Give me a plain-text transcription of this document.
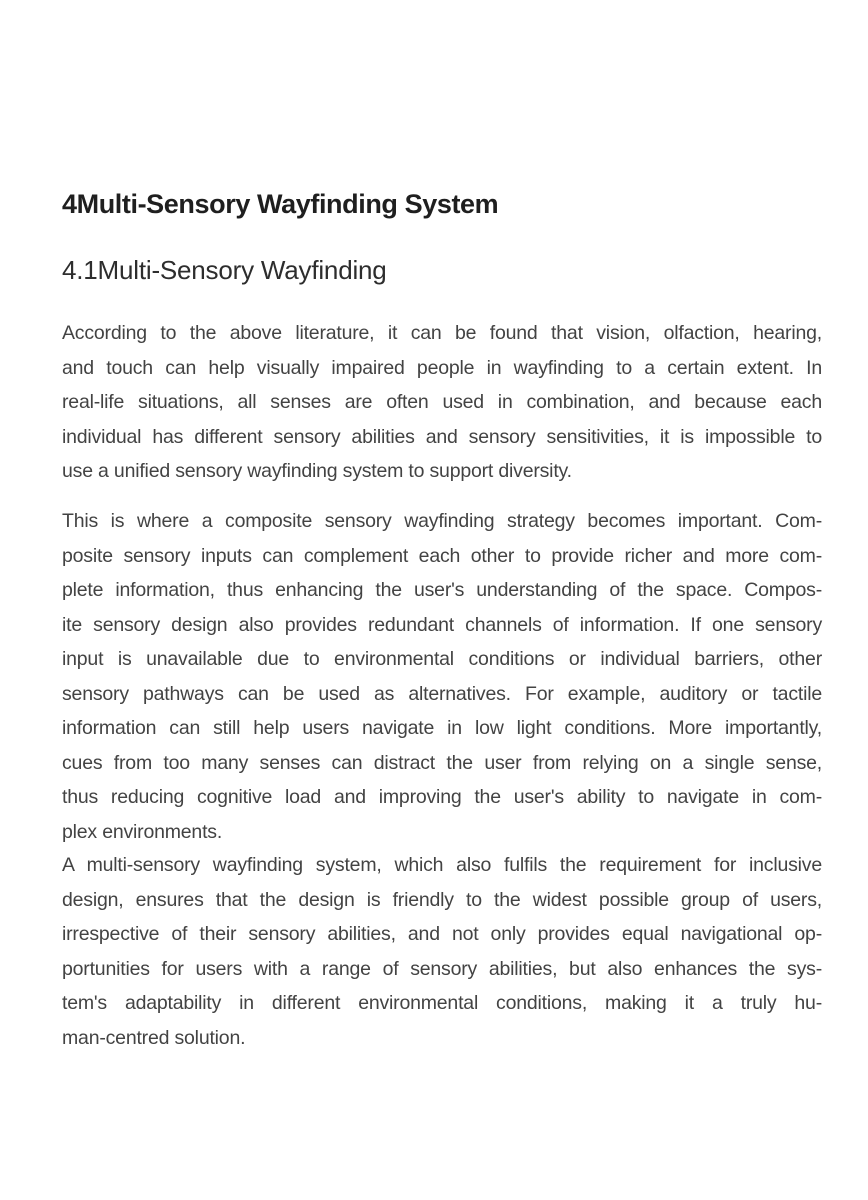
4Multi-Sensory Wayfinding System
4.1Multi-Sensory Wayfinding
According to the above literature, it can be found that vision, olfaction, hearing,
and touch can help visually impaired people in wayfinding to a certain extent. In
real-life situations, all senses are often used in combination, and because each
individual has different sensory abilities and sensory sensitivities, it is impossible to
use a unified sensory wayfinding system to support diversity.
This is where a composite sensory wayfinding strategy becomes important. Com-
posite sensory inputs can complement each other to provide richer and more com-
plete information, thus enhancing the user's understanding of the space. Compos-
ite sensory design also provides redundant channels of information. If one sensory
input is unavailable due to environmental conditions or individual barriers, other
sensory pathways can be used as alternatives. For example, auditory or tactile
information can still help users navigate in low light conditions. More importantly,
cues from too many senses can distract the user from relying on a single sense,
thus reducing cognitive load and improving the user's ability to navigate in com-
plex environments.
A multi-sensory wayfinding system, which also fulfils the requirement for inclusive
design, ensures that the design is friendly to the widest possible group of users,
irrespective of their sensory abilities, and not only provides equal navigational op-
portunities for users with a range of sensory abilities, but also enhances the sys-
tem's adaptability in different environmental conditions, making it a truly hu-
man-centred solution.
